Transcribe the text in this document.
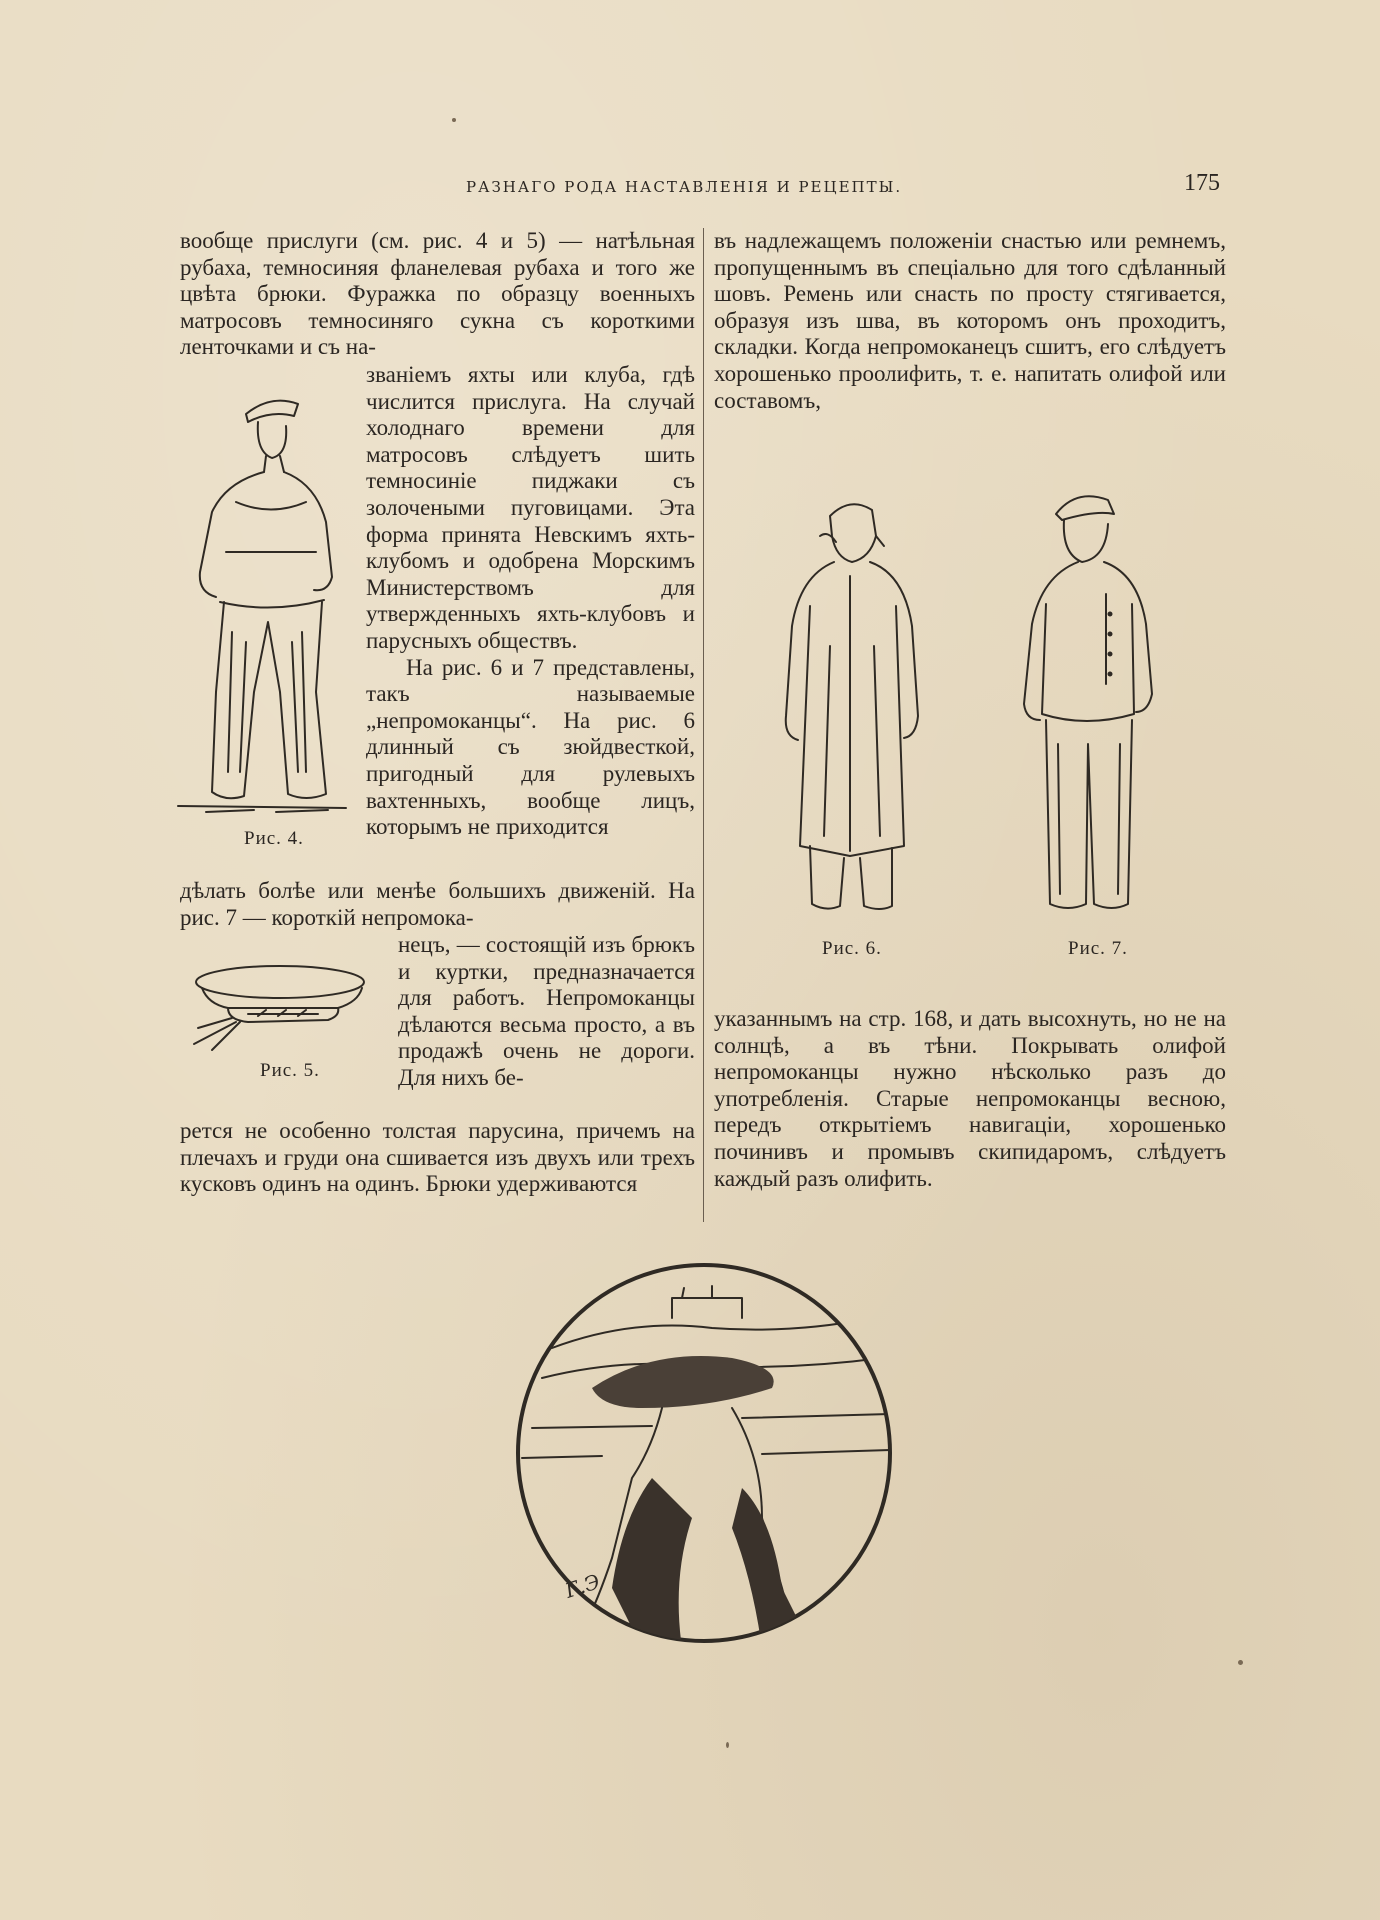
РАЗНАГО РОДА НАСТАВЛЕНІЯ И РЕЦЕПТЫ.	175

вообще прислуги (см. рис. 4 и 5) — натѣльная рубаха, темносиняя фланелевая рубаха и того же цвѣта брюки. Фуражка по образцу военныхъ матросовъ темносиняго сукна съ короткими ленточками и съ на-

званіемъ яхты или клуба, гдѣ числится прислуга. На случай холоднаго времени для матросовъ слѣдуетъ шить темносиніе пиджаки съ золочеными пуговицами. Эта форма принята Невскимъ яхть-клубомъ и одобрена Морскимъ Министерствомъ для утвержденныхъ яхть-клубовъ и парусныхъ обществъ.

На рис. 6 и 7 представлены, такъ называемые „непромоканцы“. На рис. 6 длинный съ зюйдвесткой, пригодный для рулевыхъ вахтенныхъ, вообще лицъ, которымъ не приходится

дѣлать болѣе или менѣе большихъ движеній. На рис. 7 — короткій непромока-

нецъ, — состоящій изъ брюкъ и куртки, предназначается для работъ. Непромоканцы дѣлаются весьма просто, а въ продажѣ очень не дороги. Для нихъ бе-

рется не особенно толстая парусина, причемъ на плечахъ и груди она сшивается изъ двухъ или трехъ кусковъ одинъ на одинъ. Брюки удерживаются

въ надлежащемъ положеніи снастью или ремнемъ, пропущеннымъ въ спеціально для того сдѣланный шовъ. Ремень или снасть по просту стягивается, образуя изъ шва, въ которомъ онъ проходитъ, складки. Когда непромоканецъ сшитъ, его слѣдуетъ хорошенько проолифить, т. е. напитать олифой или составомъ,

указаннымъ на стр. 168, и дать высохнуть, но не на солнцѣ, а въ тѣни. Покрывать олифой непромоканцы нужно нѣсколько разъ до употребленія. Старые непромоканцы весною, передъ открытіемъ навигаціи, хорошенько починивъ и промывъ скипидаромъ, слѣдуетъ каждый разъ олифить.

Рис. 4.
Рис. 5.
Рис. 6.	Рис. 7.
Г.Э
